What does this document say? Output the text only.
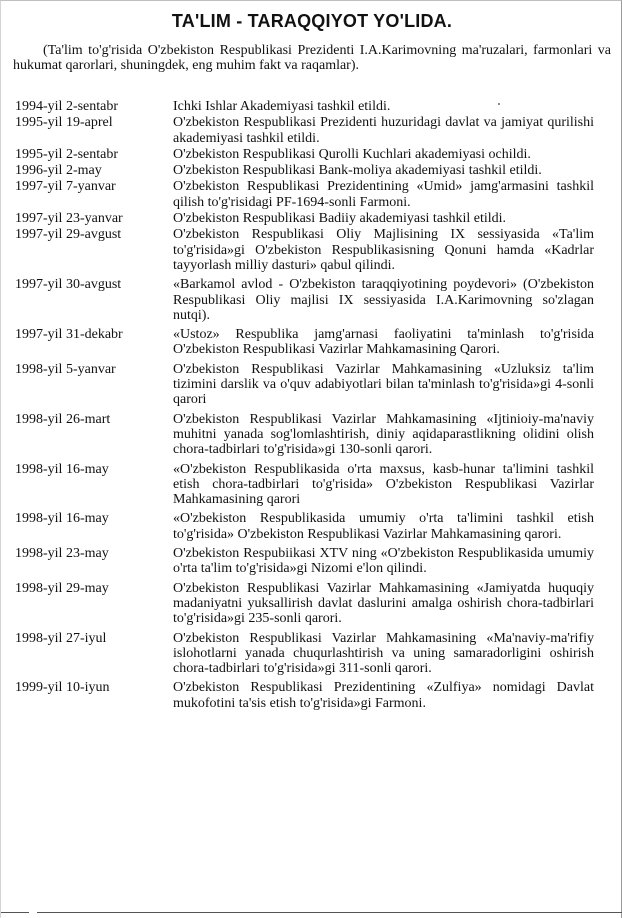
TA'LIM - TARAQQIYOT YO'LIDA.

(Ta'lim to'g'risida O'zbekiston Respublikasi Prezidenti I.A.Karimovning ma'ruzalari, farmonlari va hukumat qarorlari, shuningdek, eng muhim fakt va raqamlar).

1994-yil 2-sentabr	Ichki Ishlar Akademiyasi tashkil etildi.
1995-yil 19-aprel	O'zbekiston Respublikasi Prezidenti huzuridagi davlat va jamiyat qurilishi akademiyasi tashkil etildi.
1995-yil 2-sentabr	O'zbekiston Respublikasi Qurolli Kuchlari akademiyasi ochildi.
1996-yil 2-may	O'zbekiston Respublikasi Bank-moliya akademiyasi tashkil etildi.
1997-yil 7-yanvar	O'zbekiston Respublikasi Prezidentining «Umid» jamg'armasini tashkil qilish to'g'risidagi PF-1694-sonli Farmoni.
1997-yil 23-yanvar	O'zbekiston Respublikasi Badiiy akademiyasi tashkil etildi.
1997-yil 29-avgust	O'zbekiston Respublikasi Oliy Majlisining IX sessiyasida «Ta'lim to'g'risida»gi O'zbekiston Respublikasisning Qonuni hamda «Kadrlar tayyorlash milliy dasturi» qabul qilindi.
1997-yil 30-avgust	«Barkamol avlod - O'zbekiston taraqqiyotining poydevori» (O'zbekiston Respublikasi Oliy majlisi IX sessiyasida I.A.Karimovning so'zlagan nutqi).
1997-yil 31-dekabr	«Ustoz» Respublika jamg'arnasi faoliyatini ta'minlash to'g'risida O'zbekiston Respublikasi Vazirlar Mahkamasining Qarori.
1998-yil 5-yanvar	O'zbekiston Respublikasi Vazirlar Mahkamasining «Uzluksiz ta'lim tizimini darslik va o'quv adabiyotlari bilan ta'minlash to'g'risida»gi 4-sonli qarori
1998-yil 26-mart	O'zbekiston Respublikasi Vazirlar Mahkamasining «Ijtinioiy-ma'naviy muhitni yanada sog'lomlashtirish, diniy aqidaparastlikning olidini olish chora-tadbirlari to'g'risida»gi 130-sonli qarori.
1998-yil 16-may	«O'zbekiston Respublikasida o'rta maxsus, kasb-hunar ta'limini tashkil etish chora-tadbirlari to'g'risida» O'zbekiston Respublikasi Vazirlar Mahkamasining qarori
1998-yil 16-may	«O'zbekiston Respublikasida umumiy o'rta ta'limini tashkil etish to'g'risida» O'zbekiston Respublikasi Vazirlar Mahkamasining qarori.
1998-yil 23-may	O'zbekiston Respubiikasi XTV ning «O'zbekiston Respublikasida umumiy o'rta ta'lim to'g'risida»gi Nizomi e'lon qilindi.
1998-yil 29-may	O'zbekiston Respublikasi Vazirlar Mahkamasining «Jamiyatda huquqiy madaniyatni yuksallirish davlat daslurini amalga oshirish chora-tadbirlari to'g'risida»gi 235-sonli qarori.
1998-yil 27-iyul	O'zbekiston Respublikasi Vazirlar Mahkamasining «Ma'naviy-ma'rifiy islohotlarni yanada chuqurlashtirish va uning samaradorligini oshirish chora-tadbirlari to'g'risida»gi 311-sonli qarori.
1999-yil 10-iyun	O'zbekiston Respublikasi Prezidentining «Zulfiya» nomidagi Davlat mukofotini ta'sis etish to'g'risida»gi Farmoni.
